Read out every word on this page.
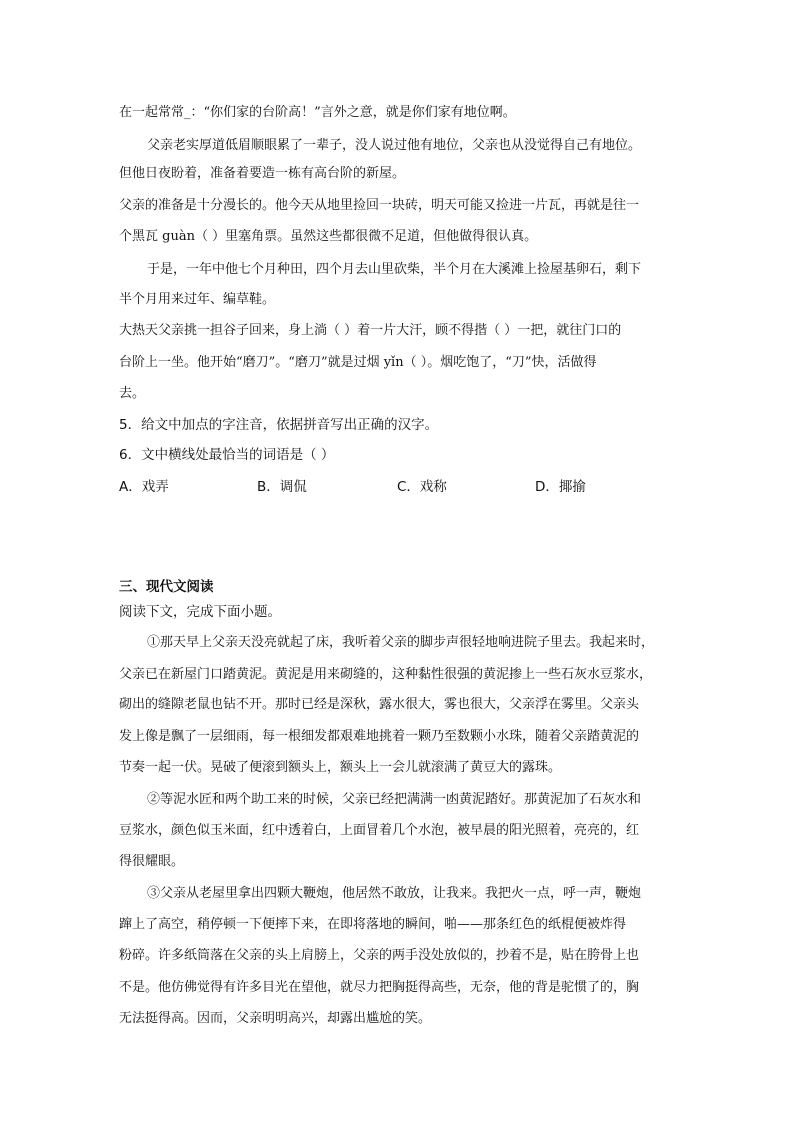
在一起常常_：“你们家的台阶高！”言外之意，就是你们家有地位啊。
父亲老实厚道低眉顺眼累了一辈子，没人说过他有地位，父亲也从没觉得自己有地位。
但他日夜盼着，准备着要造一栋有高台阶的新屋。
父亲的准备是十分漫长的。他今天从地里捡回一块砖，明天可能又捡进一片瓦，再就是往一
个黑瓦 guàn（ ）里塞角票。虽然这些都很微不足道，但他做得很认真。
于是，一年中他七个月种田，四个月去山里砍柴，半个月在大溪滩上捡屋基卵石，剩下
半个月用来过年、编草鞋。
大热天父亲挑一担谷子回来，身上淌（ ）着一片大汗，顾不得揩（ ）一把，就往门口的
台阶上一坐。他开始“磨刀”。“磨刀”就是过烟 yǐn（ ）。烟吃饱了，“刀”快，活做得
去。
5．给文中加点的字注音，依据拼音写出正确的汉字。
6．文中横线处最恰当的词语是（ ）
A．戏弄	B．调侃	C．戏称	D．揶揄
三、现代文阅读
阅读下文，完成下面小题。
①那天早上父亲天没亮就起了床，我听着父亲的脚步声很轻地响进院子里去。我起来时，
父亲已在新屋门口踏黄泥。黄泥是用来砌缝的，这种黏性很强的黄泥掺上一些石灰水豆浆水，
砌出的缝隙老鼠也钻不开。那时已经是深秋，露水很大，雾也很大，父亲浮在雾里。父亲头
发上像是飘了一层细雨，每一根细发都艰难地挑着一颗乃至数颗小水珠，随着父亲踏黄泥的
节奏一起一伏。晃破了便滚到额头上，额头上一会儿就滚满了黄豆大的露珠。
②等泥水匠和两个助工来的时候，父亲已经把满满一凼黄泥踏好。那黄泥加了石灰水和
豆浆水，颜色似玉米面，红中透着白，上面冒着几个水泡，被早晨的阳光照着，亮亮的，红
得很耀眼。
③父亲从老屋里拿出四颗大鞭炮，他居然不敢放，让我来。我把火一点，呼一声，鞭炮
蹿上了高空，稍停顿一下便摔下来，在即将落地的瞬间，啪——那条红色的纸棍便被炸得
粉碎。许多纸筒落在父亲的头上肩膀上，父亲的两手没处放似的，抄着不是，贴在胯骨上也
不是。他仿佛觉得有许多目光在望他，就尽力把胸挺得高些，无奈，他的背是驼惯了的，胸
无法挺得高。因而，父亲明明高兴，却露出尴尬的笑。
